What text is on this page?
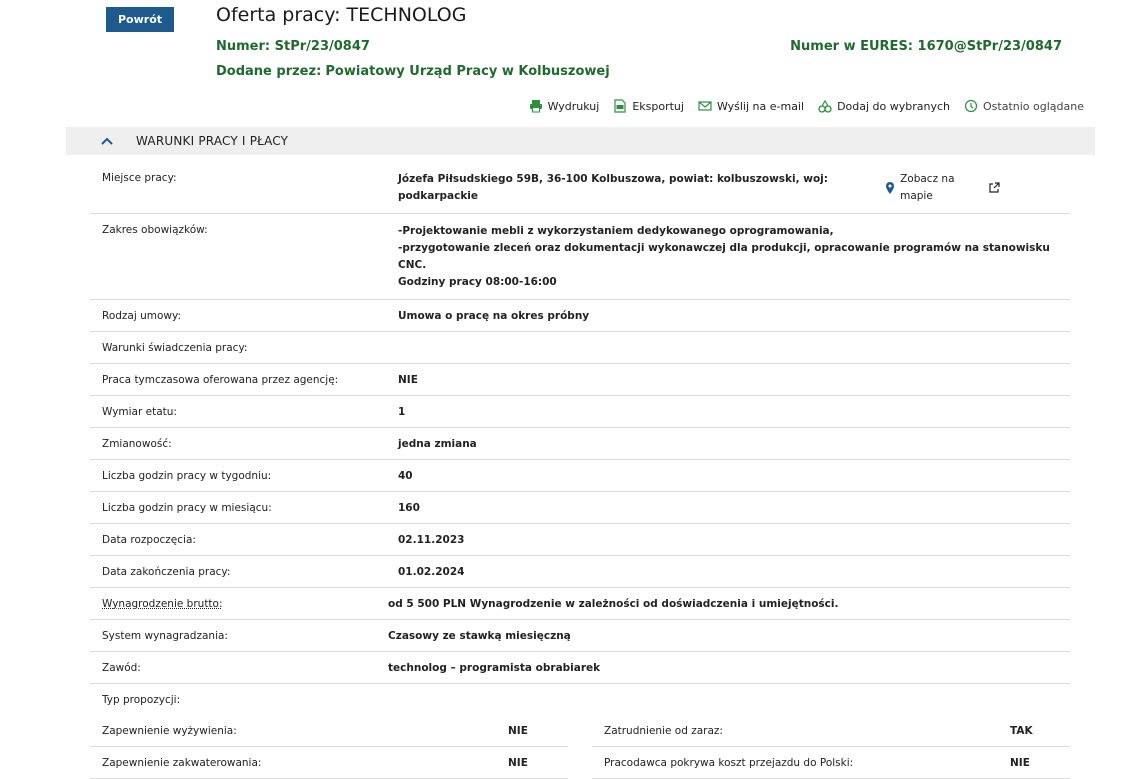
Powrót	Oferta pracy: TECHNOLOG
Numer: StPr/23/0847	Numer w EURES: 1670@StPr/23/0847
Dodane przez: Powiatowy Urząd Pracy w Kolbuszowej
Wydrukuj	Eksportuj	Wyślij na e-mail	Dodaj do wybranych	Ostatnio oglądane
WARUNKI PRACY I PŁACY
Miejsce pracy:	Józefa Piłsudskiego 59B, 36-100 Kolbuszowa, powiat: kolbuszowski, woj: podkarpackie
Zobacz na mapie
Zakres obowiązków:	-Projektowanie mebli z wykorzystaniem dedykowanego oprogramowania,
-przygotowanie zleceń oraz dokumentacji wykonawczej dla produkcji, opracowanie programów na stanowisku CNC.
Godziny pracy 08:00-16:00
Rodzaj umowy:	Umowa o pracę na okres próbny
Warunki świadczenia pracy:
Praca tymczasowa oferowana przez agencję:	NIE
Wymiar etatu:	1
Zmianowość:	jedna zmiana
Liczba godzin pracy w tygodniu:	40
Liczba godzin pracy w miesiącu:	160
Data rozpoczęcia:	02.11.2023
Data zakończenia pracy:	01.02.2024
Wynagrodzenie brutto:	od 5 500 PLN Wynagrodzenie w zależności od doświadczenia i umiejętności.
System wynagradzania:	Czasowy ze stawką miesięczną
Zawód:	technolog – programista obrabiarek
Typ propozycji:
Zapewnienie wyżywienia:	NIE	Zatrudnienie od zaraz:	TAK
Zapewnienie zakwaterowania:	NIE	Pracodawca pokrywa koszt przejazdu do Polski:	NIE
